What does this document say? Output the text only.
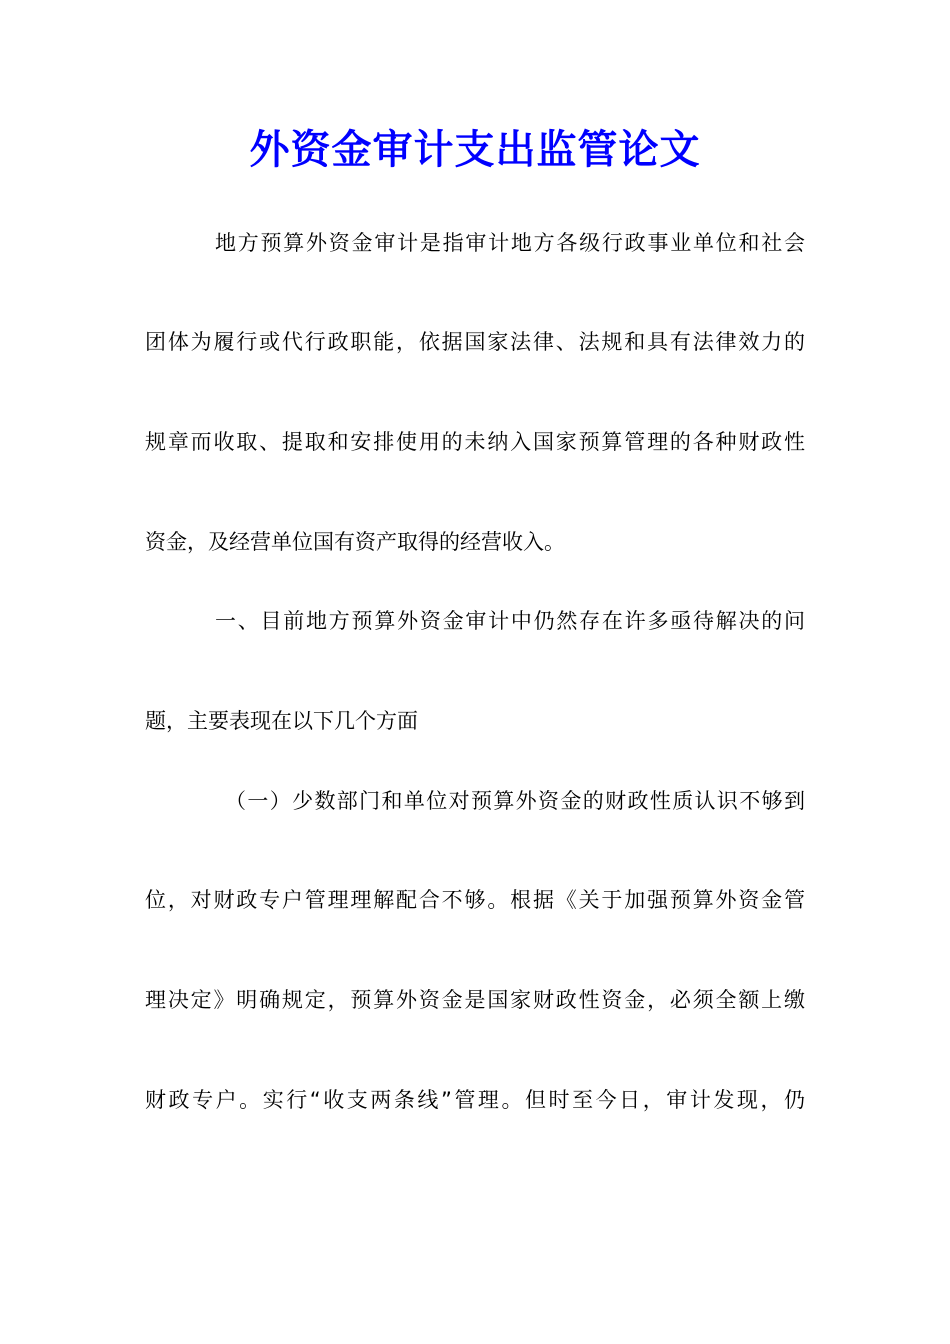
外资金审计支出监管论文
地方预算外资金审计是指审计地方各级行政事业单位和社会
团体为履行或代行政职能，依据国家法律、法规和具有法律效力的
规章而收取、提取和安排使用的未纳入国家预算管理的各种财政性
资金，及经营单位国有资产取得的经营收入。
一、目前地方预算外资金审计中仍然存在许多亟待解决的问
题，主要表现在以下几个方面
（一）少数部门和单位对预算外资金的财政性质认识不够到
位，对财政专户管理理解配合不够。根据《关于加强预算外资金管
理决定》明确规定，预算外资金是国家财政性资金，必须全额上缴
财政专户。实行“收支两条线”管理。但时至今日，审计发现，仍
